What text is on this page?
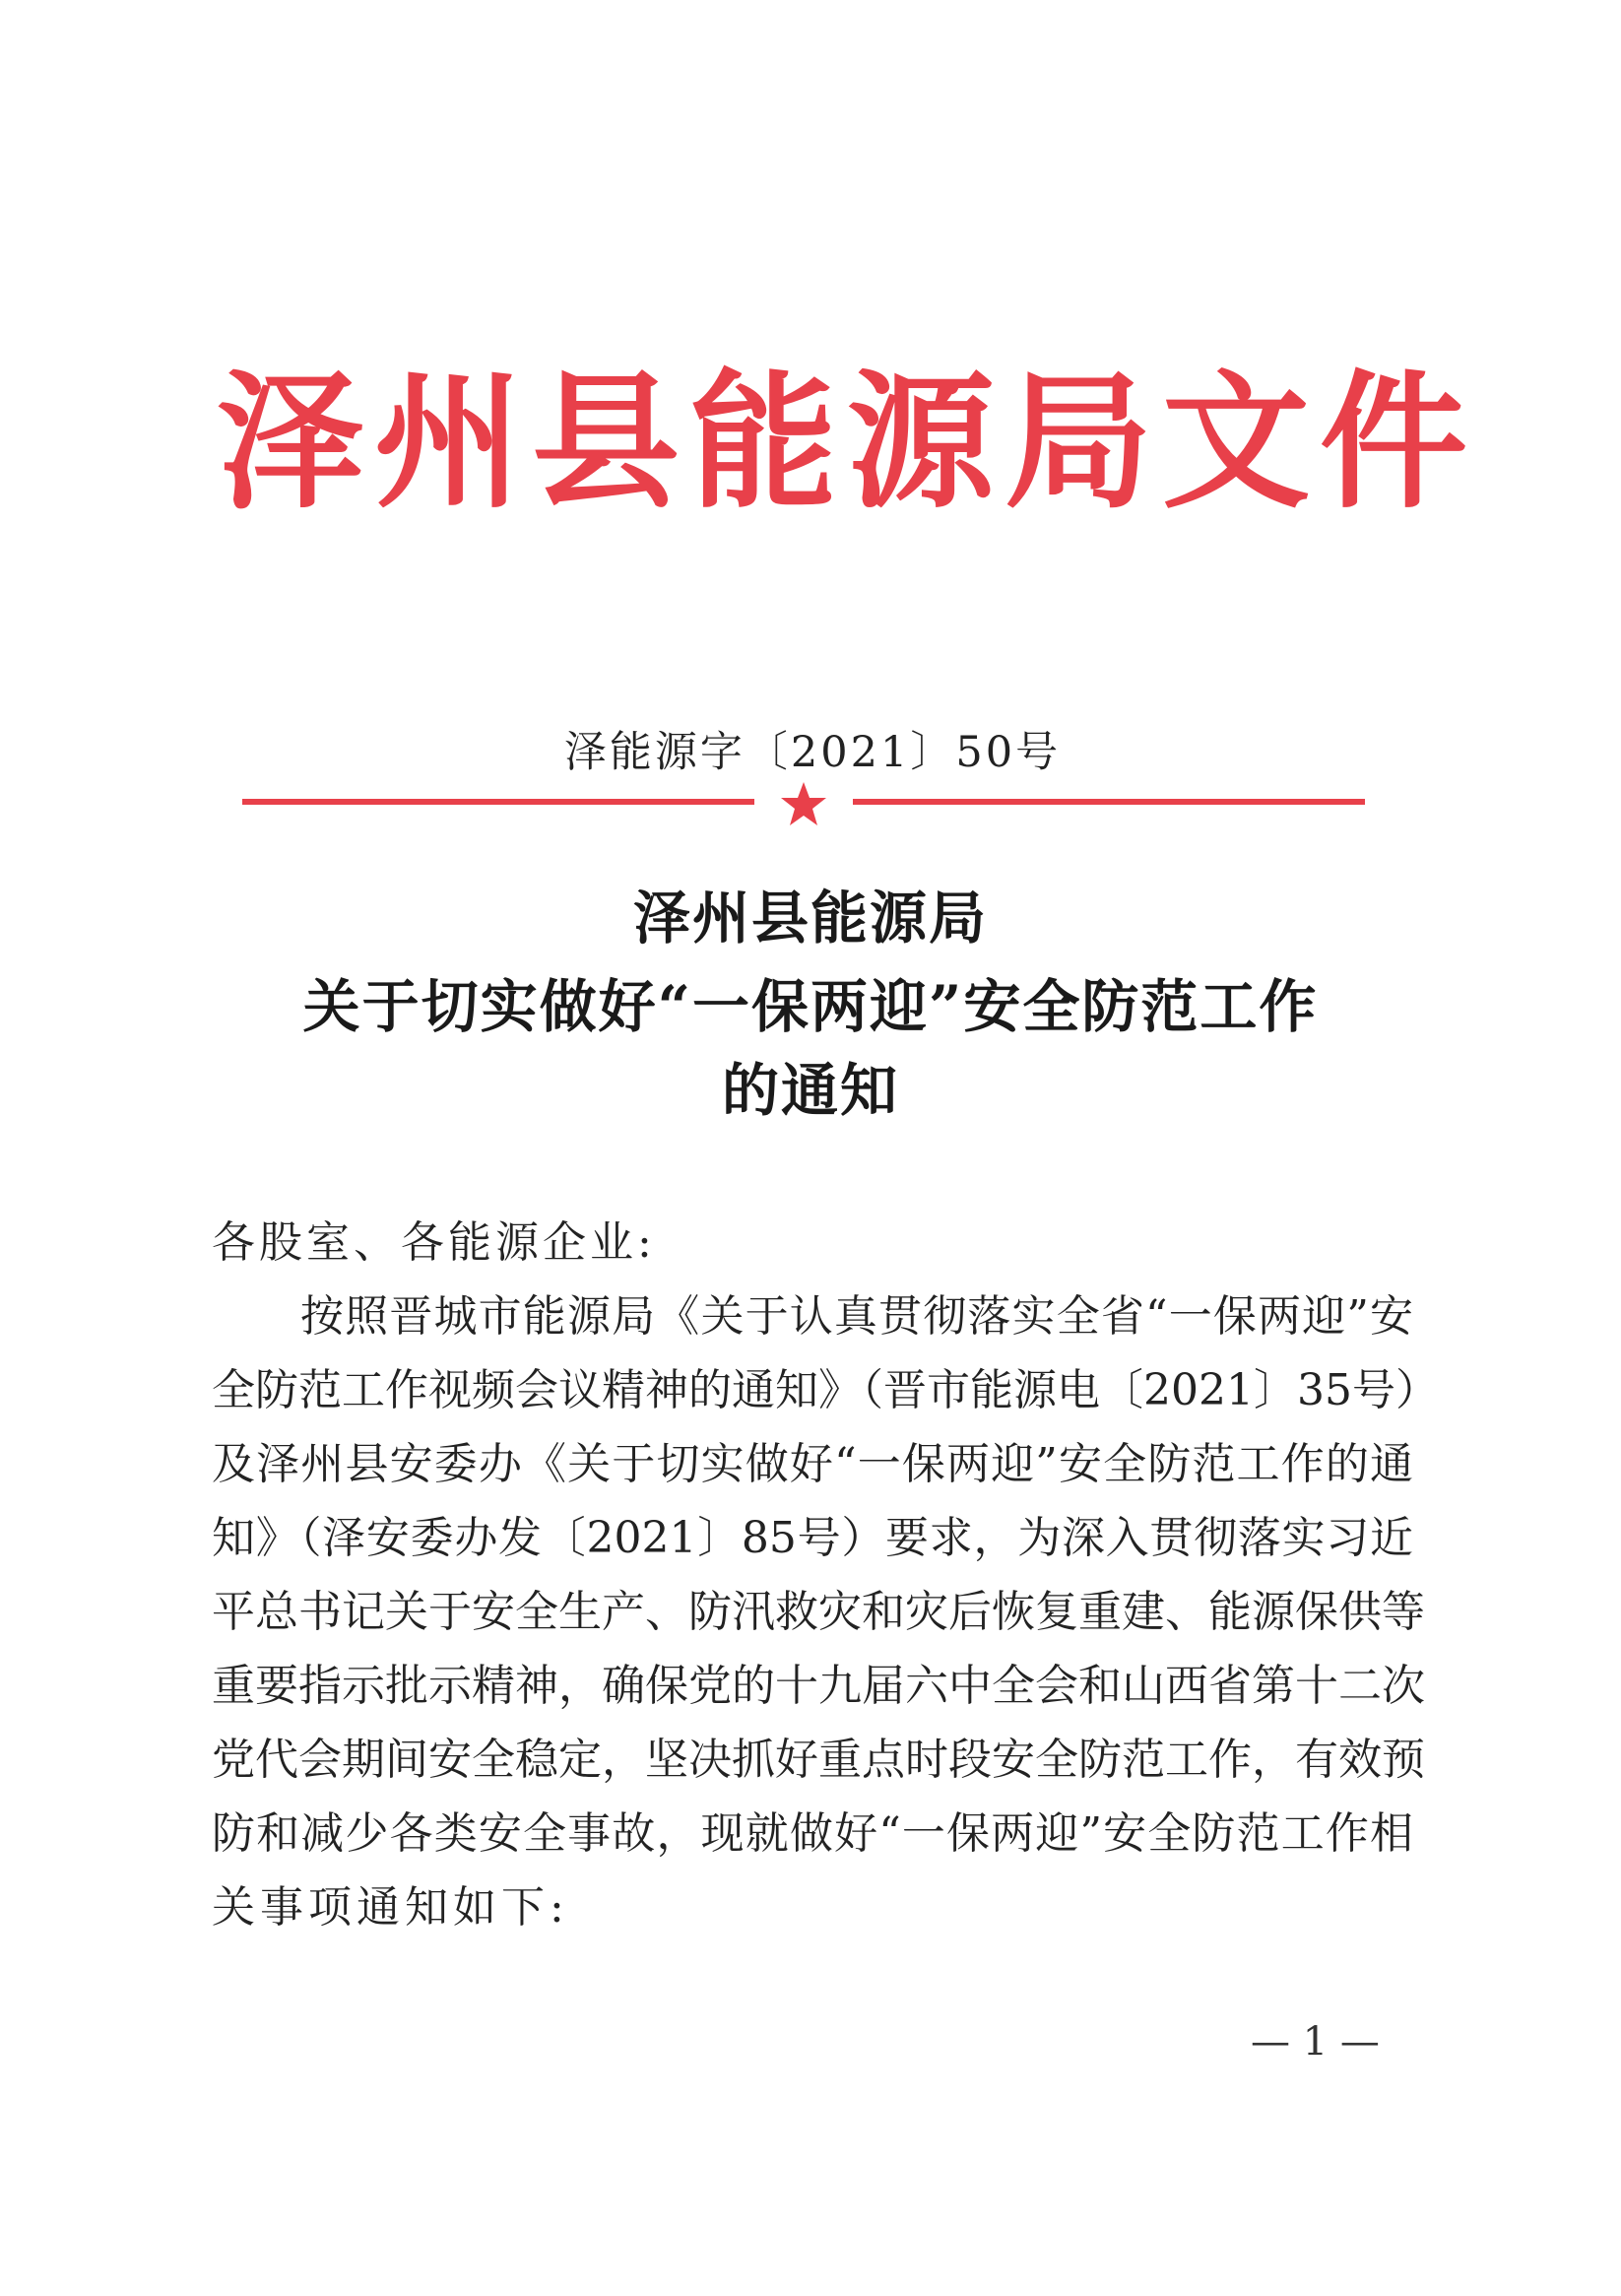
泽州县能源局文件
泽能源字〔2021〕50号
泽州县能源局
关于切实做好“一保两迎”安全防范工作
的通知
各股室、各能源企业:
按照晋城市能源局《关于认真贯彻落实全省“一保两迎”安
全防范工作视频会议精神的通知》（晋市能源电〔2021〕35号）
及泽州县安委办《关于切实做好“一保两迎”安全防范工作的通
知》（泽安委办发〔2021〕85号）要求，为深入贯彻落实习近
平总书记关于安全生产、防汛救灾和灾后恢复重建、能源保供等
重要指示批示精神，确保党的十九届六中全会和山西省第十二次
党代会期间安全稳定，坚决抓好重点时段安全防范工作，有效预
防和减少各类安全事故，现就做好“一保两迎”安全防范工作相
关事项通知如下:
— 1 —
